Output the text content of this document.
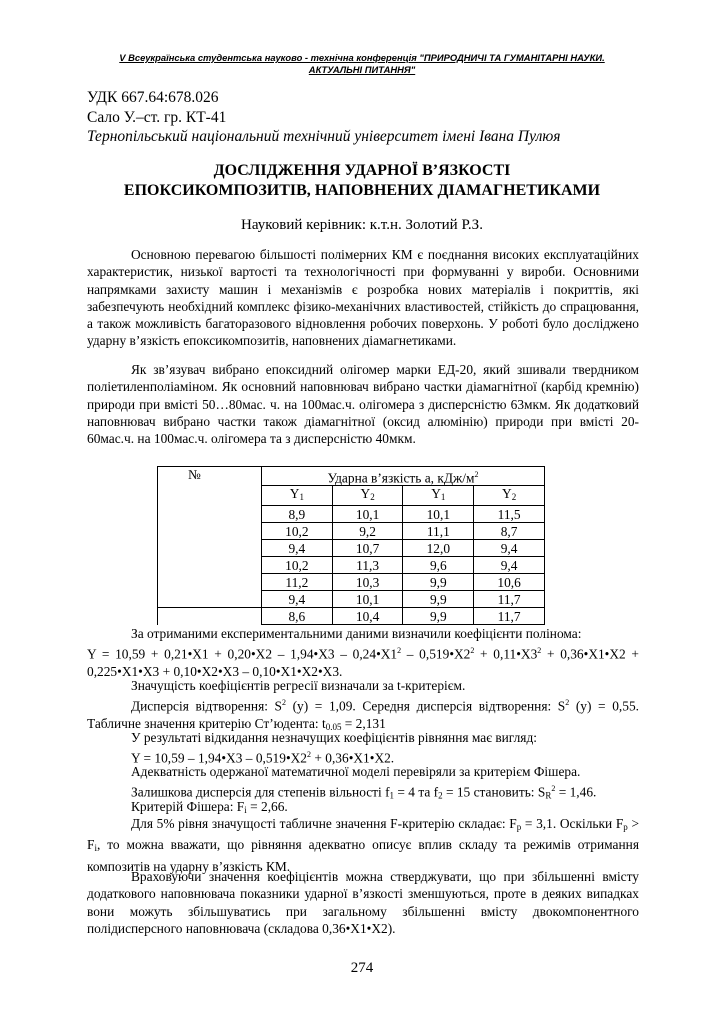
V Всеукраїнська студентська науково - технічна конференція "ПРИРОДНИЧІ ТА ГУМАНІТАРНІ НАУКИ.
АКТУАЛЬНІ ПИТАННЯ"
УДК 667.64:678.026
Сало У.–ст. гр. КТ-41
Тернопільський національний технічний університет імені Івана Пулюя
ДОСЛІДЖЕННЯ УДАРНОЇ В’ЯЗКОСТІ
ЕПОКСИКОМПОЗИТІВ, НАПОВНЕНИХ ДІАМАГНЕТИКАМИ
Науковий керівник: к.т.н. Золотий Р.З.

Основною перевагою більшості полімерних КМ є поєднання високих експлуатаційних характеристик, низької вартості та технологічності при формуванні у вироби. Основними напрямками захисту машин і механізмів є розробка нових матеріалів і покриттів, які забезпечують необхідний комплекс фізико-механічних властивостей, стійкість до спрацювання, а також можливість багаторазового відновлення робочих поверхонь. У роботі було досліджено ударну в’язкість епоксикомпозитів, наповнених діамагнетиками.

Як зв’язувач вибрано епоксидний олігомер марки ЕД-20, який зшивали твердником поліетиленполіаміном. Як основний наповнювач вибрано частки діамагнітної (карбід кремнію) природи при вмісті 50…80мас. ч. на 100мас.ч. олігомера з дисперсністю 63мкм. Як додатковий наповнювач вибрано частки також діамагнітної (оксид алюмінію) природи при вмісті 20-60мас.ч. на 100мас.ч. олігомера та з дисперсністю 40мкм.

№	Ударна в’язкість a, кДж/$м^2$
	$Y_1$	$Y_2$	$Y_1$	$Y_2$
	8,9	10,1	10,1	11,5
	10,2	9,2	11,1	8,7
	9,4	10,7	12,0	9,4
	10,2	11,3	9,6	9,4
	11,2	10,3	9,9	10,6
	9,4	10,1	9,9	11,7
	8,6	10,4	9,9	11,7

За отриманими експериментальними даними визначили коефіцієнти полінома:

Y = 10,59 + 0,21•X1 + 0,20•X2 – 1,94•X3 – $0,24•X1^2$ – $0,519•X2^2$ + $0,11•X3^2$ + 0,36•X1•X2 + 0,225•X1•X3 + 0,10•X2•X3 – 0,10•X1•X2•X3.

Значущість коефіцієнтів регресії визначали за t-критерієм.

Дисперсія відтворення: $S^2$ (y) = 1,09. Середня дисперсія відтворення: $S^2$ (y) = 0,55. Табличне значення критерію Ст’юдента: $t_{0.05} = 2,131$

У результаті відкидання незначущих коефіцієнтів рівняння має вигляд:

Y = 10,59 – 1,94•X3 – $0,519•X2^2$ + 0,36•X1•X2.

Адекватність одержаної математичної моделі перевіряли за критерієм Фішера.

Залишкова дисперсія для степенів вільності $f_1 = 4$ та $f_2 = 15$ становить: $S_R^2 = 1,46$.

Критерій Фішера: $F_i = 2,66$.

Для 5% рівня значущості табличне значення F-критерію складає: $F_p = 3,1$. Оскільки $F_p > F_i$, то можна вважати, що рівняння адекватно описує вплив складу та режимів отримання композитів на ударну в’язкість КМ.

Враховуючи значення коефіцієнтів можна стверджувати, що при збільшенні вмісту додаткового наповнювача показники ударної в’язкості зменшуються, проте в деяких випадках вони можуть збільшуватись при загальному збільшенні вмісту двокомпонентного полідисперсного наповнювача (складова 0,36•X1•X2).

274
